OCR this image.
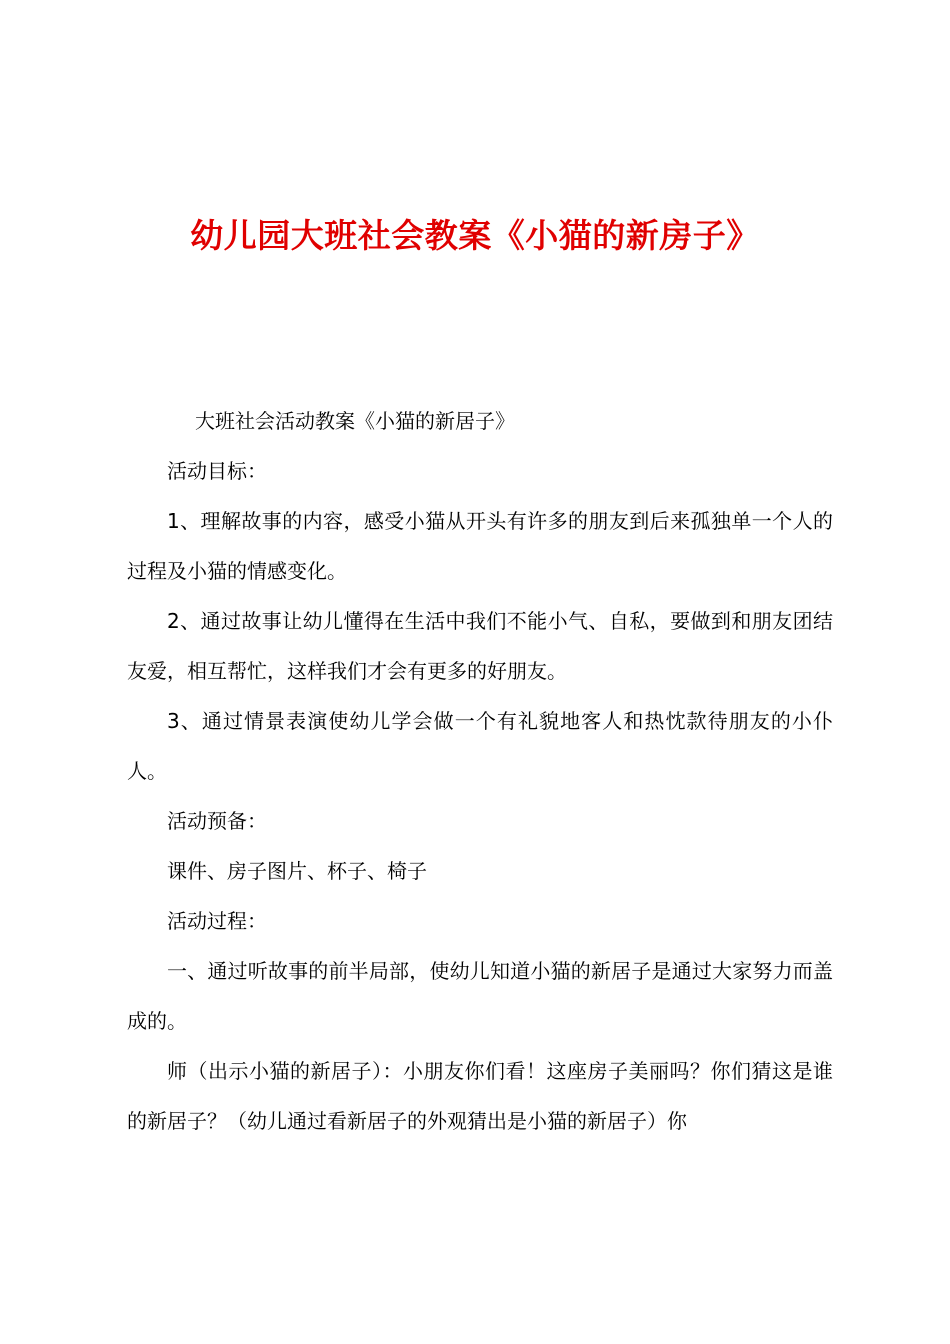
幼儿园大班社会教案《小猫的新房子》

大班社会活动教案《小猫的新居子》

活动目标：

1、理解故事的内容，感受小猫从开头有许多的朋友到后来孤独单一个人的过程及小猫的情感变化。

2、通过故事让幼儿懂得在生活中我们不能小气、自私，要做到和朋友团结友爱，相互帮忙，这样我们才会有更多的好朋友。

3、通过情景表演使幼儿学会做一个有礼貌地客人和热忱款待朋友的小仆人。

活动预备：

课件、房子图片、杯子、椅子

活动过程：

一、通过听故事的前半局部，使幼儿知道小猫的新居子是通过大家努力而盖成的。

师（出示小猫的新居子）：小朋友你们看！这座房子美丽吗？你们猜这是谁的新居子？（幼儿通过看新居子的外观猜出是小猫的新居子）你
